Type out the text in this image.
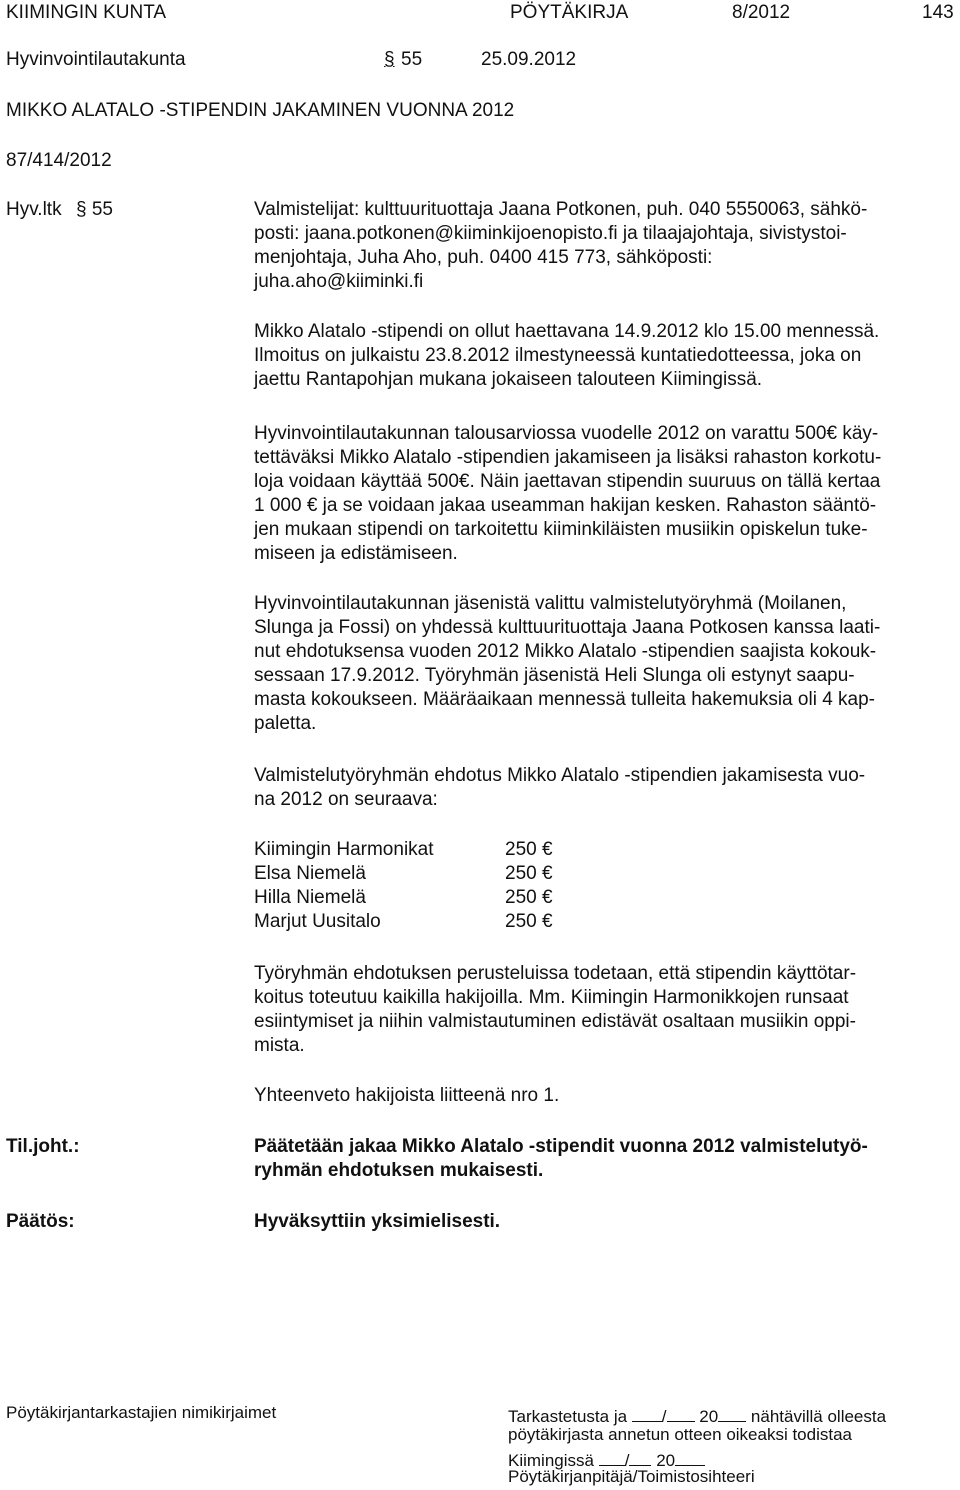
KIIMINGIN KUNTA	PÖYTÄKIRJA	8/2012	143
Hyvinvointilautakunta	§ 55	25.09.2012
MIKKO ALATALO -STIPENDIN JAKAMINEN VUONNA 2012
87/414/2012
Hyv.ltk § 55	Valmistelijat: kulttuurituottaja Jaana Potkonen, puh. 040 5550063, sähkö-
posti: jaana.potkonen@kiiminkijoenopisto.fi ja tilaajajohtaja, sivistystoi-
menjohtaja, Juha Aho, puh. 0400 415 773, sähköposti:
juha.aho@kiiminki.fi
Mikko Alatalo -stipendi on ollut haettavana 14.9.2012 klo 15.00 mennessä.
Ilmoitus on julkaistu 23.8.2012 ilmestyneessä kuntatiedotteessa, joka on
jaettu Rantapohjan mukana jokaiseen talouteen Kiimingissä.
Hyvinvointilautakunnan talousarviossa vuodelle 2012 on varattu 500€ käy-
tettäväksi Mikko Alatalo -stipendien jakamiseen ja lisäksi rahaston korkotu-
loja voidaan käyttää 500€. Näin jaettavan stipendin suuruus on tällä kertaa
1 000 € ja se voidaan jakaa useamman hakijan kesken. Rahaston sääntö-
jen mukaan stipendi on tarkoitettu kiiminkiläisten musiikin opiskelun tuke-
miseen ja edistämiseen.
Hyvinvointilautakunnan jäsenistä valittu valmistelutyöryhmä (Moilanen,
Slunga ja Fossi) on yhdessä kulttuurituottaja Jaana Potkosen kanssa laati-
nut ehdotuksensa vuoden 2012 Mikko Alatalo -stipendien saajista kokouk-
sessaan 17.9.2012. Työryhmän jäsenistä Heli Slunga oli estynyt saapu-
masta kokoukseen. Määräaikaan mennessä tulleita hakemuksia oli 4 kap-
paletta.
Valmistelutyöryhmän ehdotus Mikko Alatalo -stipendien jakamisesta vuo-
na 2012 on seuraava:
Kiimingin Harmonikat	250 €
Elsa Niemelä	250 €
Hilla Niemelä	250 €
Marjut Uusitalo	250 €
Työryhmän ehdotuksen perusteluissa todetaan, että stipendin käyttötar-
koitus toteutuu kaikilla hakijoilla. Mm. Kiimingin Harmonikkojen runsaat
esiintymiset ja niihin valmistautuminen edistävät osaltaan musiikin oppi-
mista.
Yhteenveto hakijoista liitteenä nro 1.
Til.joht.:	Päätetään jakaa Mikko Alatalo -stipendit vuonna 2012 valmistelutyö-
ryhmän ehdotuksen mukaisesti.
Päätös:	Hyväksyttiin yksimielisesti.
Pöytäkirjantarkastajien nimikirjaimet	Tarkastetusta ja / 20 nähtävillä olleesta
pöytäkirjasta annetun otteen oikeaksi todistaa
Kiimingissä / 20
Pöytäkirjanpitäjä/Toimistosihteeri
